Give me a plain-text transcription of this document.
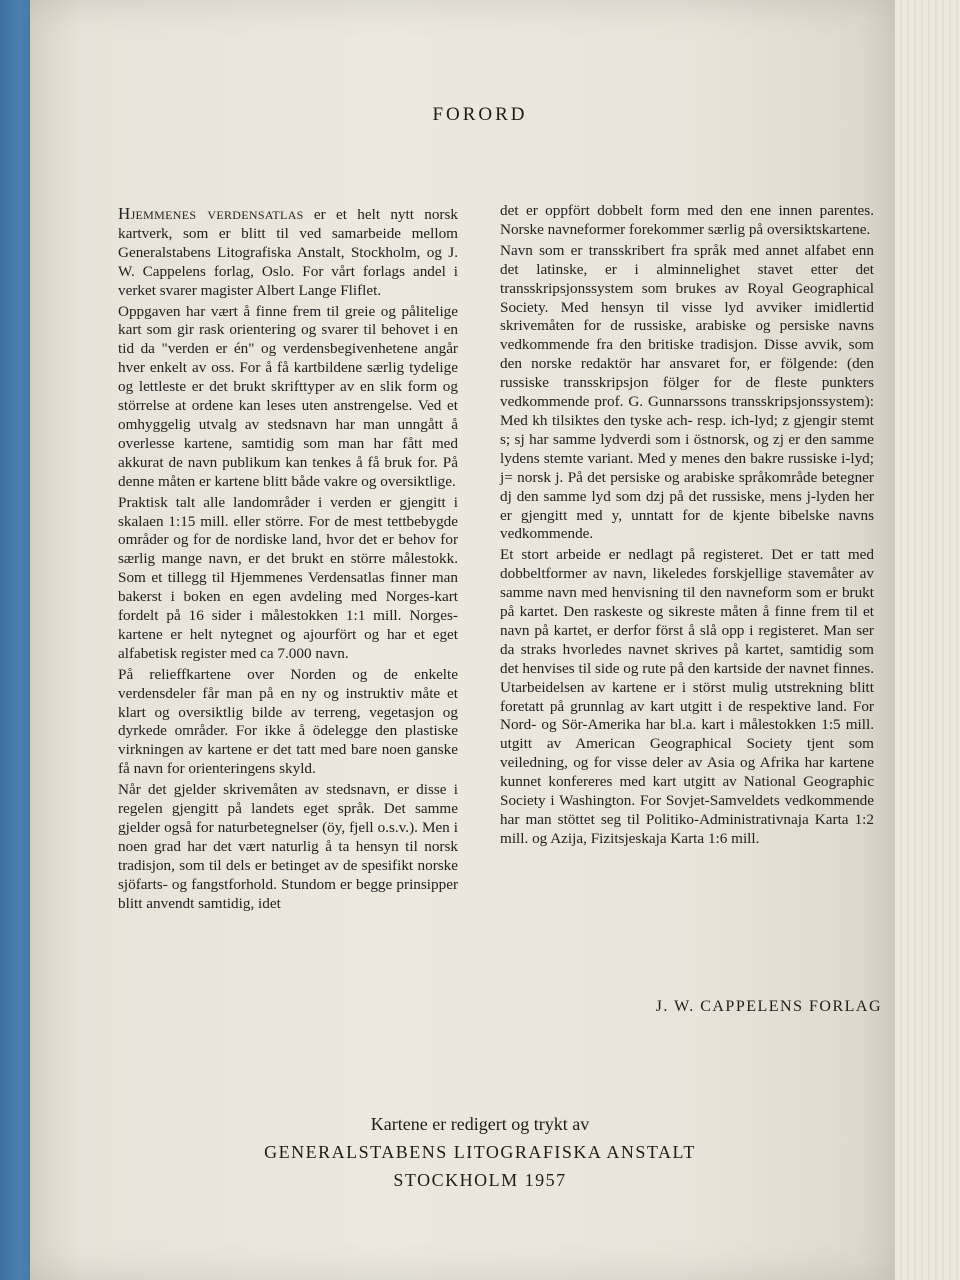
FORORD

Hjemmenes verdensatlas er et helt nytt norsk kartverk, som er blitt til ved samarbeide mellom Generalstabens Litografiska Anstalt, Stockholm, og J. W. Cappelens forlag, Oslo. For vårt forlags andel i verket svarer magister Albert Lange Fliflet.

Oppgaven har vært å finne frem til greie og pålitelige kart som gir rask orientering og svarer til behovet i en tid da "verden er én" og verdensbegivenhetene angår hver enkelt av oss. For å få kartbildene særlig tydelige og lettleste er det brukt skrifttyper av en slik form og störrelse at ordene kan leses uten anstrengelse. Ved et omhyggelig utvalg av stedsnavn har man unngått å overlesse kartene, samtidig som man har fått med akkurat de navn publikum kan tenkes å få bruk for. På denne måten er kartene blitt både vakre og oversiktlige.

Praktisk talt alle landområder i verden er gjengitt i skalaen 1:15 mill. eller större. For de mest tettbebygde områder og for de nordiske land, hvor det er behov for særlig mange navn, er det brukt en större målestokk. Som et tillegg til Hjemmenes Verdensatlas finner man bakerst i boken en egen avdeling med Norges-kart fordelt på 16 sider i målestokken 1:1 mill. Norges-kartene er helt nytegnet og ajourfört og har et eget alfabetisk register med ca 7.000 navn.

På relieffkartene over Norden og de enkelte verdensdeler får man på en ny og instruktiv måte et klart og oversiktlig bilde av terreng, vegetasjon og dyrkede områder. For ikke å ödelegge den plastiske virkningen av kartene er det tatt med bare noen ganske få navn for orienteringens skyld.

Når det gjelder skrivemåten av stedsnavn, er disse i regelen gjengitt på landets eget språk. Det samme gjelder også for naturbetegnelser (öy, fjell o.s.v.). Men i noen grad har det vært naturlig å ta hensyn til norsk tradisjon, som til dels er betinget av de spesifikt norske sjöfarts- og fangstforhold. Stundom er begge prinsipper blitt anvendt samtidig, idet

det er oppfört dobbelt form med den ene innen parentes. Norske navneformer forekommer særlig på oversiktskartene.

Navn som er transskribert fra språk med annet alfabet enn det latinske, er i alminnelighet stavet etter det transskripsjonssystem som brukes av Royal Geographical Society. Med hensyn til visse lyd avviker imidlertid skrivemåten for de russiske, arabiske og persiske navns vedkommende fra den britiske tradisjon. Disse avvik, som den norske redaktör har ansvaret for, er fölgende: (den russiske transskripsjon fölger for de fleste punkters vedkommende prof. G. Gunnarssons transskripsjonssystem): Med kh tilsiktes den tyske ach- resp. ich-lyd; z gjengir stemt s; sj har samme lydverdi som i östnorsk, og zj er den samme lydens stemte variant. Med y menes den bakre russiske i-lyd; j= norsk j. På det persiske og arabiske språkområde betegner dj den samme lyd som dzj på det russiske, mens j-lyden her er gjengitt med y, unntatt for de kjente bibelske navns vedkommende.

Et stort arbeide er nedlagt på registeret. Det er tatt med dobbeltformer av navn, likeledes forskjellige stavemåter av samme navn med henvisning til den navneform som er brukt på kartet. Den raskeste og sikreste måten å finne frem til et navn på kartet, er derfor först å slå opp i registeret. Man ser da straks hvorledes navnet skrives på kartet, samtidig som det henvises til side og rute på den kartside der navnet finnes. Utarbeidelsen av kartene er i störst mulig utstrekning blitt foretatt på grunnlag av kart utgitt i de respektive land. For Nord- og Sör-Amerika har bl.a. kart i målestokken 1:5 mill. utgitt av American Geographical Society tjent som veiledning, og for visse deler av Asia og Afrika har kartene kunnet konfereres med kart utgitt av National Geographic Society i Washington. For Sovjet-Samveldets vedkommende har man stöttet seg til Politiko-Administrativnaja Karta 1:2 mill. og Azija, Fizitsjeskaja Karta 1:6 mill.

J. W. CAPPELENS FORLAG
Kartene er redigert og trykt av
GENERALSTABENS LITOGRAFISKA ANSTALT
STOCKHOLM 1957
